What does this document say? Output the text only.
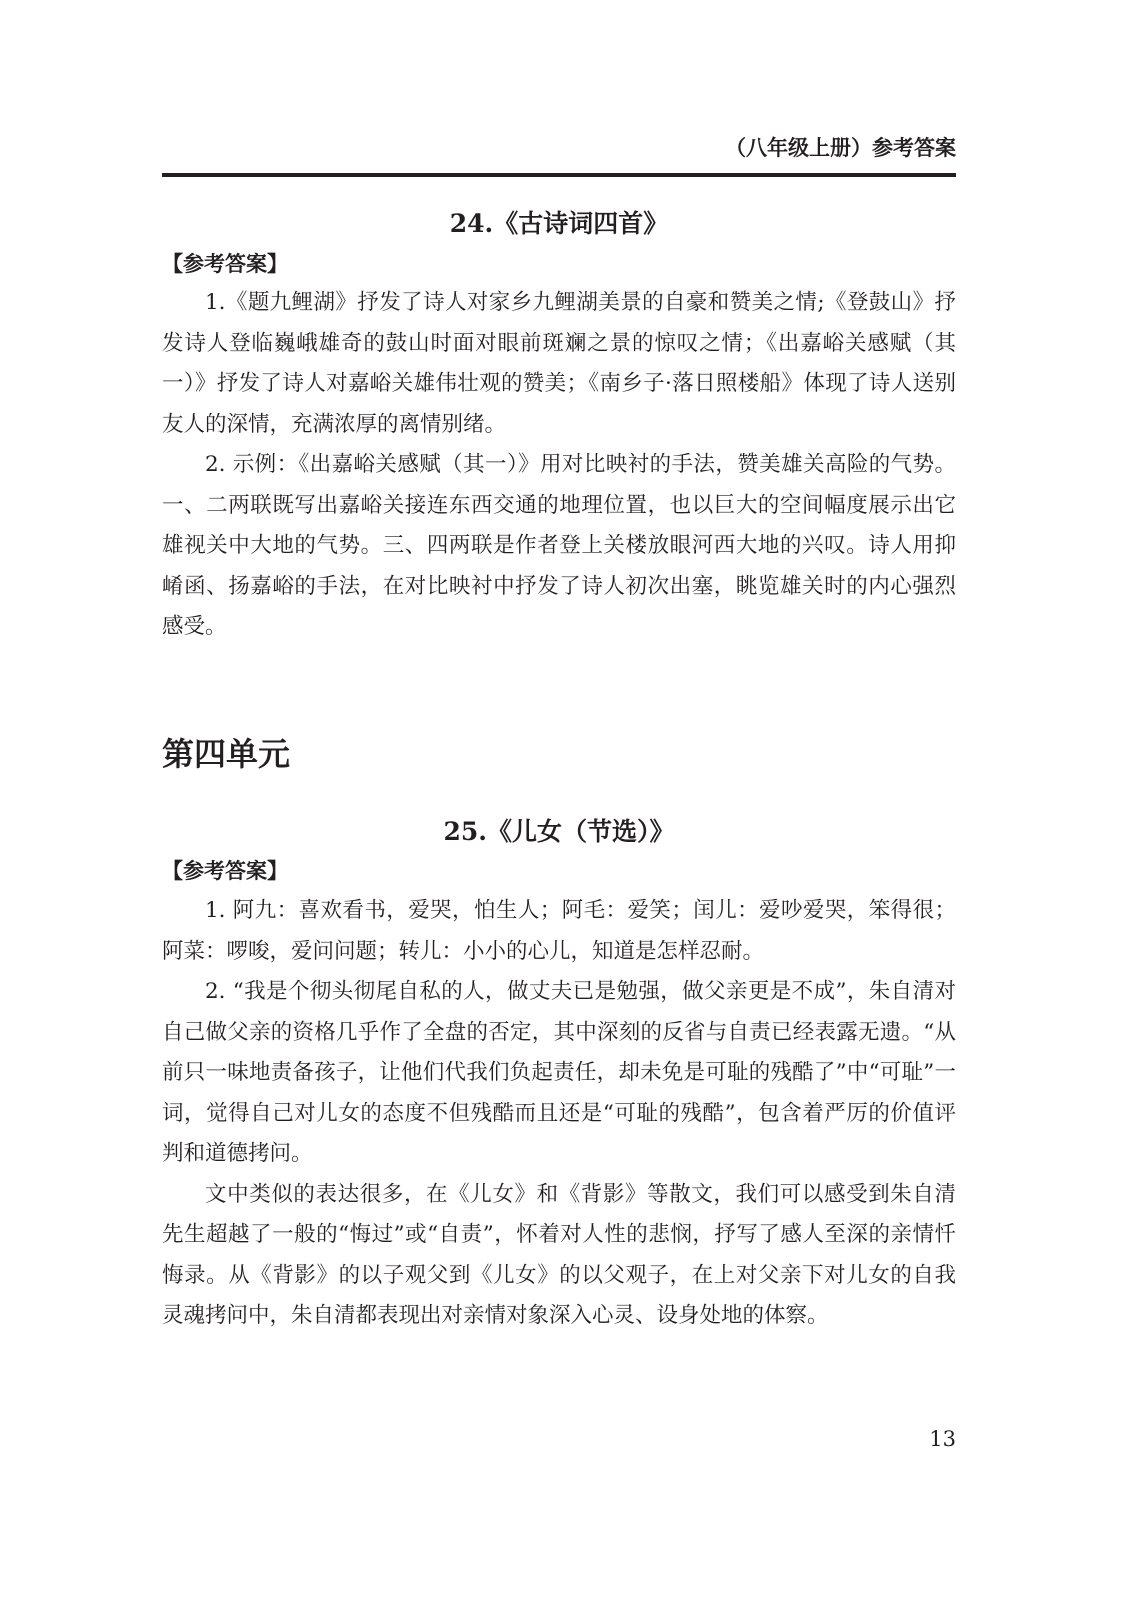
（八年级上册）参考答案
24.《古诗词四首》
【参考答案】

1.《题九鲤湖》抒发了诗人对家乡九鲤湖美景的自豪和赞美之情;《登鼓山》抒发诗人登临巍峨雄奇的鼓山时面对眼前斑斓之景的惊叹之情；《出嘉峪关感赋（其一）》抒发了诗人对嘉峪关雄伟壮观的赞美；《南乡子·落日照楼船》体现了诗人送别友人的深情，充满浓厚的离情别绪。

2. 示例：《出嘉峪关感赋（其一）》用对比映衬的手法，赞美雄关高险的气势。一、二两联既写出嘉峪关接连东西交通的地理位置，也以巨大的空间幅度展示出它雄视关中大地的气势。三、四两联是作者登上关楼放眼河西大地的兴叹。诗人用抑崤函、扬嘉峪的手法，在对比映衬中抒发了诗人初次出塞，眺览雄关时的内心强烈感受。

第四单元
25.《儿女（节选）》
【参考答案】

1. 阿九：喜欢看书，爱哭，怕生人；阿毛：爱笑；闰儿：爱吵爱哭，笨得很；阿菜：啰唆，爱问问题；转儿：小小的心儿，知道是怎样忍耐。

2. “我是个彻头彻尾自私的人，做丈夫已是勉强，做父亲更是不成”，朱自清对自己做父亲的资格几乎作了全盘的否定，其中深刻的反省与自责已经表露无遗。“从前只一味地责备孩子，让他们代我们负起责任，却未免是可耻的残酷了”中“可耻”一词，觉得自己对儿女的态度不但残酷而且还是“可耻的残酷”，包含着严厉的价值评判和道德拷问。

文中类似的表达很多，在《儿女》和《背影》等散文，我们可以感受到朱自清先生超越了一般的“悔过”或“自责”，怀着对人性的悲悯，抒写了感人至深的亲情忏悔录。从《背影》的以子观父到《儿女》的以父观子，在上对父亲下对儿女的自我灵魂拷问中，朱自清都表现出对亲情对象深入心灵、设身处地的体察。

13
